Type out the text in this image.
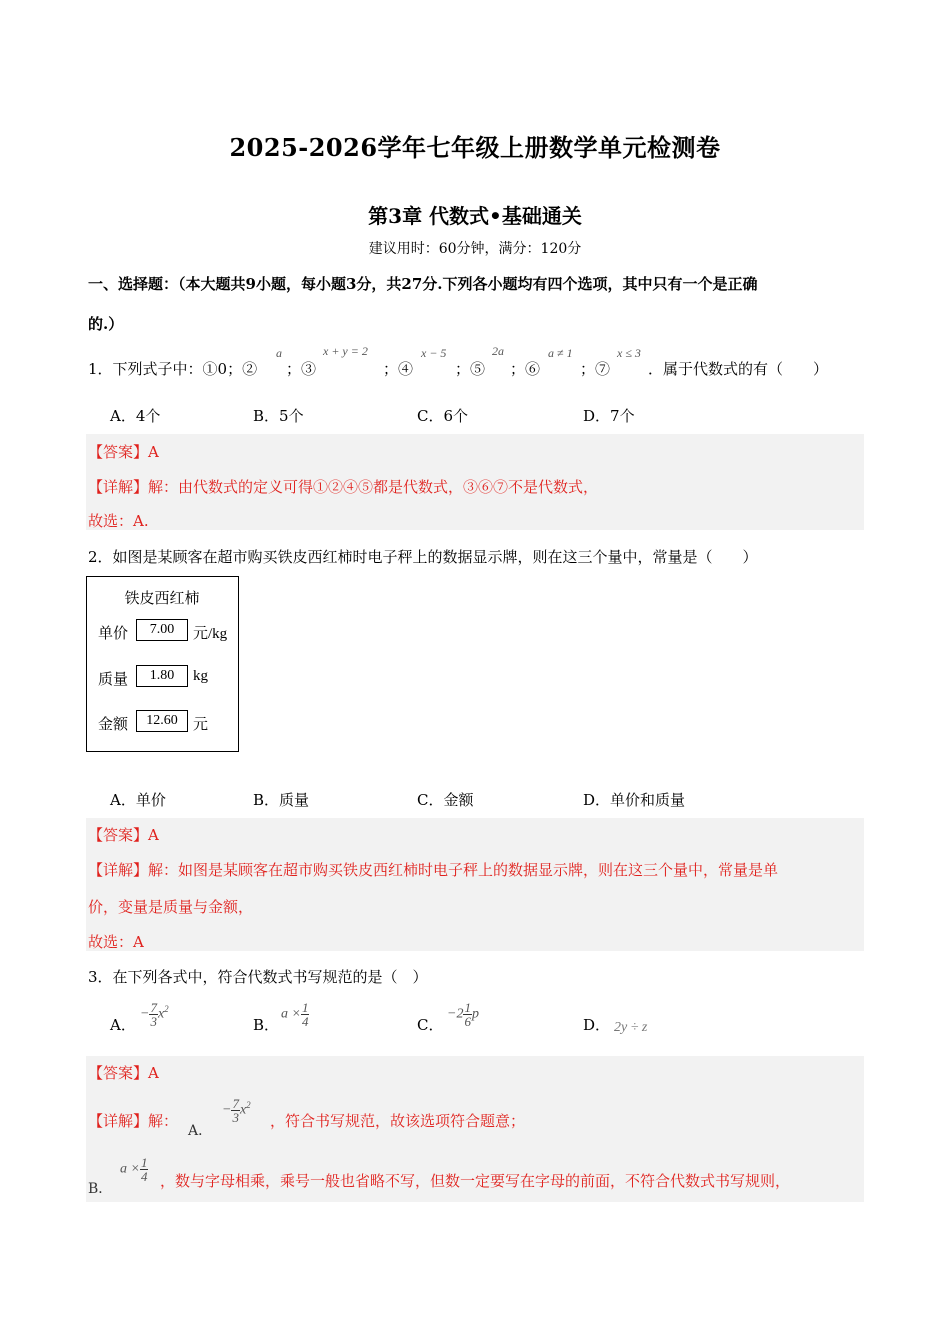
2025-2026学年七年级上册数学单元检测卷
第3章 代数式•基础通关
建议用时：60分钟，满分：120分
一、选择题：（本大题共9小题，每小题3分，共27分.下列各小题均有四个选项，其中只有一个是正确
的.）
1．下列式子中：①0；②
a
；③
x + y = 2
；④
x − 5
；⑤
2a
；⑥
a ≠ 1
；⑦
x ≤ 3
．属于代数式的有（　　）
A．4个	B．5个	C．6个	D．7个
【答案】A
【详解】解：由代数式的定义可得①②④⑤都是代数式，③⑥⑦不是代数式，
故选：A.
2．如图是某顾客在超市购买铁皮西红柿时电子秤上的数据显示牌，则在这三个量中，常量是（　　）
铁皮西红柿
单价	7.00	元/kg
质量	1.80	kg
金额	12.60	元
A．单价	B．质量	C．金额	D．单价和质量
【答案】A
【详解】解：如图是某顾客在超市购买铁皮西红柿时电子秤上的数据显示牌，则在这三个量中，常量是单
价，变量是质量与金额，
故选：A
3．在下列各式中，符合代数式书写规范的是（　）
A．
− $\frac{7}{3} x^2$
B．
$a \times \frac{1}{4}$	C．
$-2 \frac{1}{6}$ p
D． 2y ÷ z
【答案】A
【详解】解：
A．
− $\frac{7}{3} x^2$
，符合书写规范，故该选项符合题意；
B．
$a \times \frac{1}{4}$ ，数与字母相乘，乘号一般也省略不写，但数一定要写在字母的前面，不符合代数式书写规则，
